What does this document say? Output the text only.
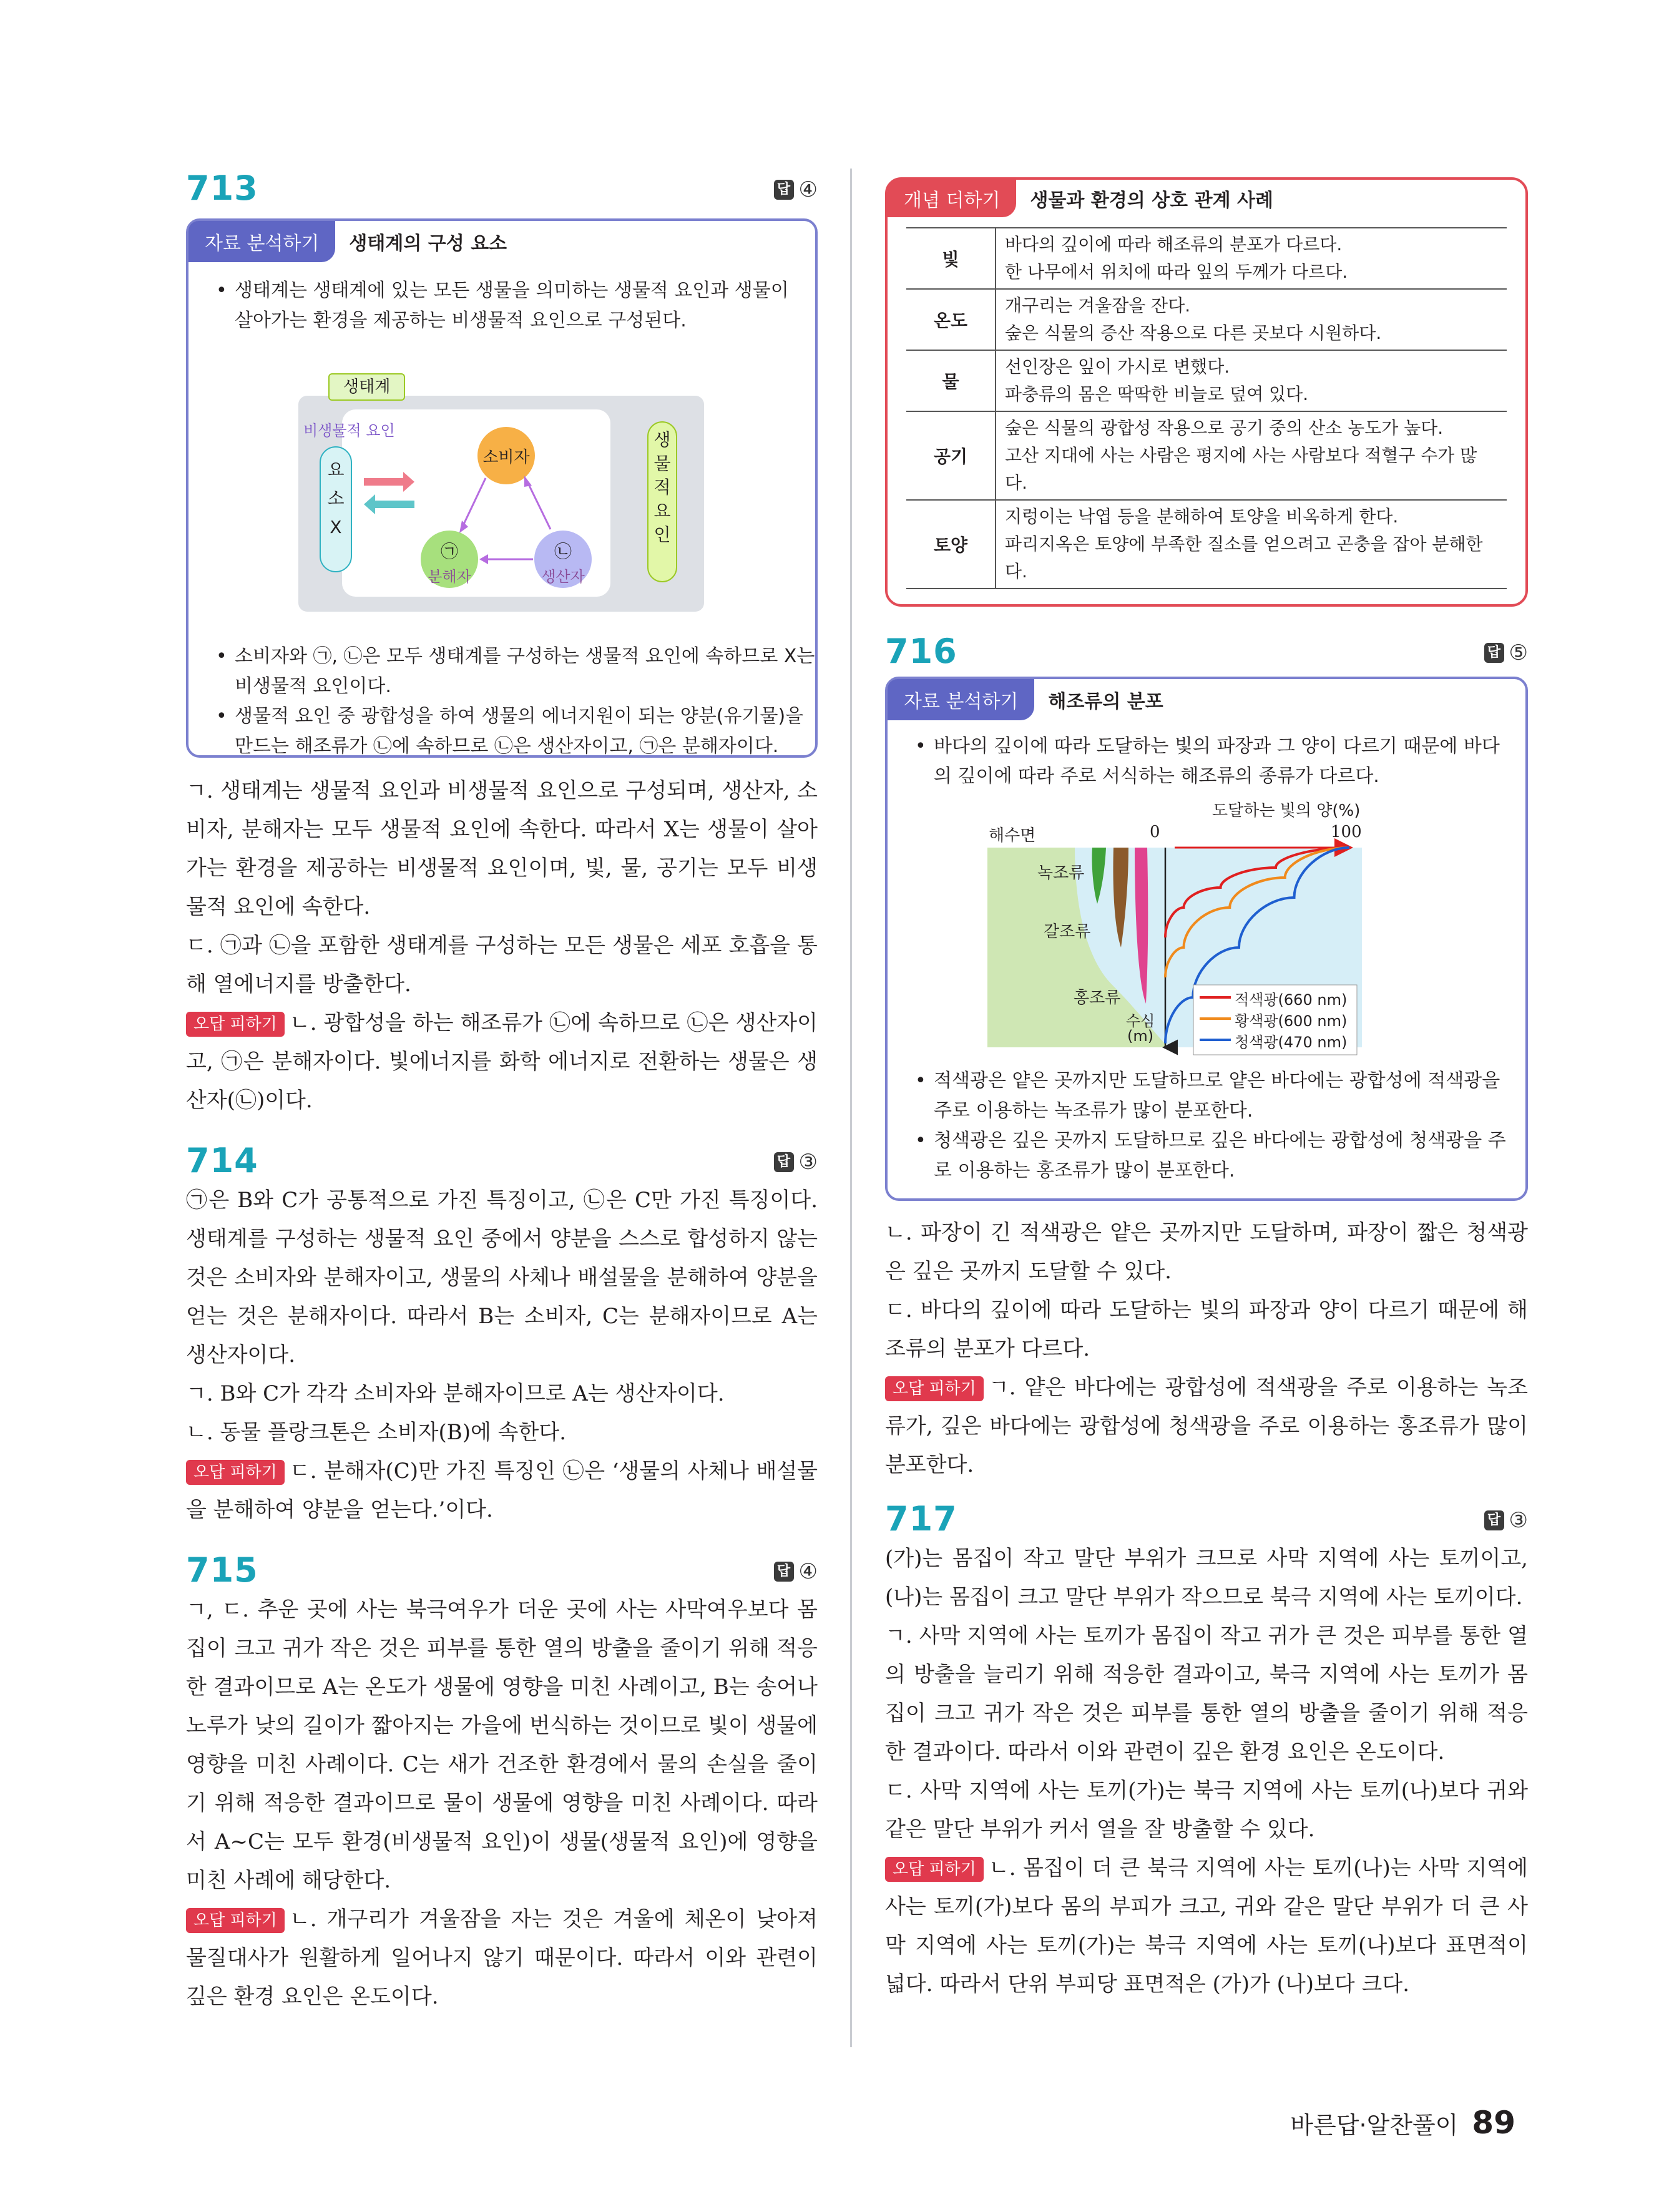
713	답 ④
자료 분석하기	생태계의 구성 요소
• 생태계는 생태계에 있는 모든 생물을 의미하는 생물적 요인과 생물이 살아가는 환경을 제공하는 비생물적 요인으로 구성된다.
생태계
비생물적 요인
요소 X
생물적 요인
소비자
㉠
분해자
㉡
생산자
• 소비자와 ㉠, ㉡은 모두 생태계를 구성하는 생물적 요인에 속하므로 X는 비생물적 요인이다.
• 생물적 요인 중 광합성을 하여 생물의 에너지원이 되는 양분(유기물)을 만드는 해조류가 ㉡에 속하므로 ㉡은 생산자이고, ㉠은 분해자이다.

ㄱ. 생태계는 생물적 요인과 비생물적 요인으로 구성되며, 생산자, 소비자, 분해자는 모두 생물적 요인에 속한다. 따라서 X는 생물이 살아가는 환경을 제공하는 비생물적 요인이며, 빛, 물, 공기는 모두 비생물적 요인에 속한다.

ㄷ. ㉠과 ㉡을 포함한 생태계를 구성하는 모든 생물은 세포 호흡을 통해 열에너지를 방출한다.

오답 피하기 ㄴ. 광합성을 하는 해조류가 ㉡에 속하므로 ㉡은 생산자이고, ㉠은 분해자이다. 빛에너지를 화학 에너지로 전환하는 생물은 생산자(㉡)이다.

714	답 ③

㉠은 B와 C가 공통적으로 가진 특징이고, ㉡은 C만 가진 특징이다. 생태계를 구성하는 생물적 요인 중에서 양분을 스스로 합성하지 않는 것은 소비자와 분해자이고, 생물의 사체나 배설물을 분해하여 양분을 얻는 것은 분해자이다. 따라서 B는 소비자, C는 분해자이므로 A는 생산자이다.

ㄱ. B와 C가 각각 소비자와 분해자이므로 A는 생산자이다.

ㄴ. 동물 플랑크톤은 소비자(B)에 속한다.

오답 피하기 ㄷ. 분해자(C)만 가진 특징인 ㉡은 ‘생물의 사체나 배설물을 분해하여 양분을 얻는다.’이다.

715	답 ④

ㄱ, ㄷ. 추운 곳에 사는 북극여우가 더운 곳에 사는 사막여우보다 몸집이 크고 귀가 작은 것은 피부를 통한 열의 방출을 줄이기 위해 적응한 결과이므로 A는 온도가 생물에 영향을 미친 사례이고, B는 송어나 노루가 낮의 길이가 짧아지는 가을에 번식하는 것이므로 빛이 생물에 영향을 미친 사례이다. C는 새가 건조한 환경에서 물의 손실을 줄이기 위해 적응한 결과이므로 물이 생물에 영향을 미친 사례이다. 따라서 A~C는 모두 환경(비생물적 요인)이 생물(생물적 요인)에 영향을 미친 사례에 해당한다.

오답 피하기 ㄴ. 개구리가 겨울잠을 자는 것은 겨울에 체온이 낮아져 물질대사가 원활하게 일어나지 않기 때문이다. 따라서 이와 관련이 깊은 환경 요인은 온도이다.

개념 더하기	생물과 환경의 상호 관계 사례
빛	바다의 깊이에 따라 해조류의 분포가 다르다.
한 나무에서 위치에 따라 잎의 두께가 다르다.

온도	개구리는 겨울잠을 잔다.
숲은 식물의 증산 작용으로 다른 곳보다 시원하다.

물	선인장은 잎이 가시로 변했다.
파충류의 몸은 딱딱한 비늘로 덮여 있다.

공기	숲은 식물의 광합성 작용으로 공기 중의 산소 농도가 높다.
고산 지대에 사는 사람은 평지에 사는 사람보다 적혈구 수가 많다.

토양	지렁이는 낙엽 등을 분해하여 토양을 비옥하게 한다.
파리지옥은 토양에 부족한 질소를 얻으려고 곤충을 잡아 분해한다.
716	답 ⑤
자료 분석하기	해조류의 분포
• 바다의 깊이에 따라 도달하는 빛의 파장과 그 양이 다르기 때문에 바다의 깊이에 따라 주로 서식하는 해조류의 종류가 다르다.
도달하는 빛의 양(%)
해수면	0	100
녹조류
갈조류
홍조류
수심
(m)
적색광(660 nm)
황색광(600 nm)
청색광(470 nm)
• 적색광은 얕은 곳까지만 도달하므로 얕은 바다에는 광합성에 적색광을 주로 이용하는 녹조류가 많이 분포한다.
• 청색광은 깊은 곳까지 도달하므로 깊은 바다에는 광합성에 청색광을 주로 이용하는 홍조류가 많이 분포한다.

ㄴ. 파장이 긴 적색광은 얕은 곳까지만 도달하며, 파장이 짧은 청색광은 깊은 곳까지 도달할 수 있다.

ㄷ. 바다의 깊이에 따라 도달하는 빛의 파장과 양이 다르기 때문에 해조류의 분포가 다르다.

오답 피하기 ㄱ. 얕은 바다에는 광합성에 적색광을 주로 이용하는 녹조류가, 깊은 바다에는 광합성에 청색광을 주로 이용하는 홍조류가 많이 분포한다.

717	답 ③

(가)는 몸집이 작고 말단 부위가 크므로 사막 지역에 사는 토끼이고, (나)는 몸집이 크고 말단 부위가 작으므로 북극 지역에 사는 토끼이다.

ㄱ. 사막 지역에 사는 토끼가 몸집이 작고 귀가 큰 것은 피부를 통한 열의 방출을 늘리기 위해 적응한 결과이고, 북극 지역에 사는 토끼가 몸집이 크고 귀가 작은 것은 피부를 통한 열의 방출을 줄이기 위해 적응한 결과이다. 따라서 이와 관련이 깊은 환경 요인은 온도이다.

ㄷ. 사막 지역에 사는 토끼(가)는 북극 지역에 사는 토끼(나)보다 귀와 같은 말단 부위가 커서 열을 잘 방출할 수 있다.

오답 피하기 ㄴ. 몸집이 더 큰 북극 지역에 사는 토끼(나)는 사막 지역에 사는 토끼(가)보다 몸의 부피가 크고, 귀와 같은 말단 부위가 더 큰 사막 지역에 사는 토끼(가)는 북극 지역에 사는 토끼(나)보다 표면적이 넓다. 따라서 단위 부피당 표면적은 (가)가 (나)보다 크다.

바른답·알찬풀이 89
